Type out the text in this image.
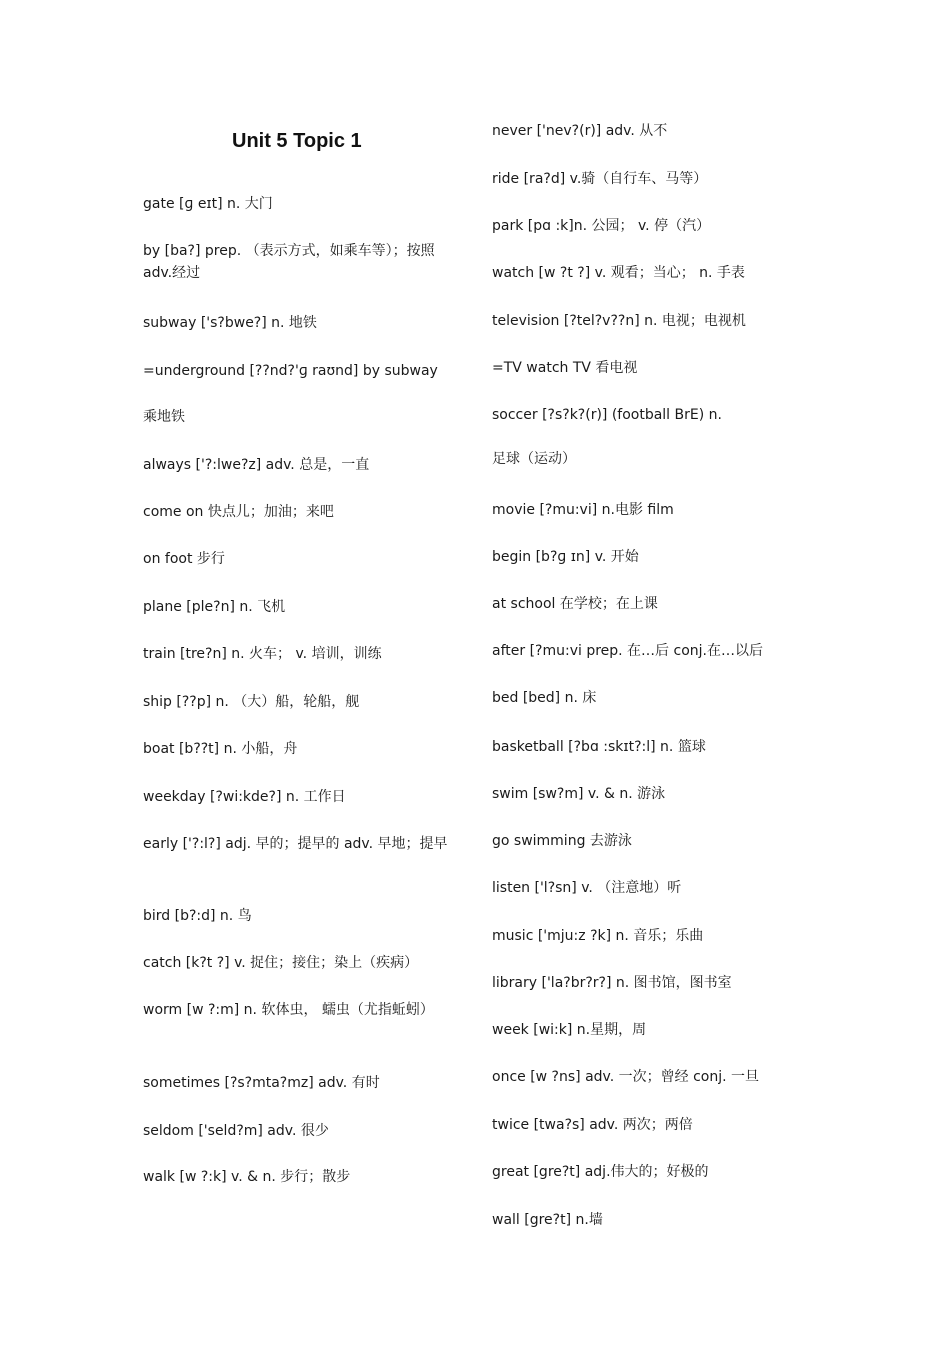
Unit 5 Topic 1
gate [ɡ eɪt] n. 大门
by [ba?] prep. （表示方式，如乘车等）；按照 adv.经过
subway ['s?bwe?] n. 地铁
=underground [??nd?'ɡ raʊnd] by subway
乘地铁
always ['?:lwe?z] adv. 总是，一直
come on 快点儿；加油；来吧
on foot 步行
plane [ple?n] n. 飞机
train [tre?n] n. 火车； v. 培训，训练
ship [??p] n. （大）船，轮船，舰
boat [b??t] n. 小船，舟
weekday [?wi:kde?] n. 工作日
early ['?:l?] adj. 早的；提早的 adv. 早地；提早
bird [b?:d] n. 鸟
catch [k?t ?] v. 捉住；接住；染上（疾病）
worm [w ?:m] n. 软体虫， 蠕虫（尤指蚯蚓）
sometimes [?s?mta?mz] adv. 有时
seldom ['seld?m] adv. 很少
walk [w ?:k] v. & n. 步行；散步
never ['nev?(r)] adv. 从不
ride [ra?d] v.骑（自行车、马等）
park [pɑ :k]n. 公园； v. 停（汽）
watch [w ?t ?] v. 观看；当心； n. 手表
television [?tel?v??n] n. 电视；电视机
=TV watch TV 看电视
soccer [?s?k?(r)] (football BrE) n.
足球（运动）
movie [?mu:vi] n.电影 film
begin [b?ɡ ɪn] v. 开始
at school 在学校；在上课
after [?mu:vi prep. 在…后 conj.在…以后
bed [bed] n. 床
basketball [?bɑ :skɪt?:l] n. 篮球
swim [sw?m] v. & n. 游泳
go swimming 去游泳
listen ['l?sn] v. （注意地）听
music ['mju:z ?k] n. 音乐；乐曲
library ['la?br?r?] n. 图书馆，图书室
week [wi:k] n.星期，周
once [w ?ns] adv. 一次；曾经 conj. 一旦
twice [twa?s] adv. 两次；两倍
great [gre?t] adj.伟大的；好极的
wall [gre?t] n.墙
